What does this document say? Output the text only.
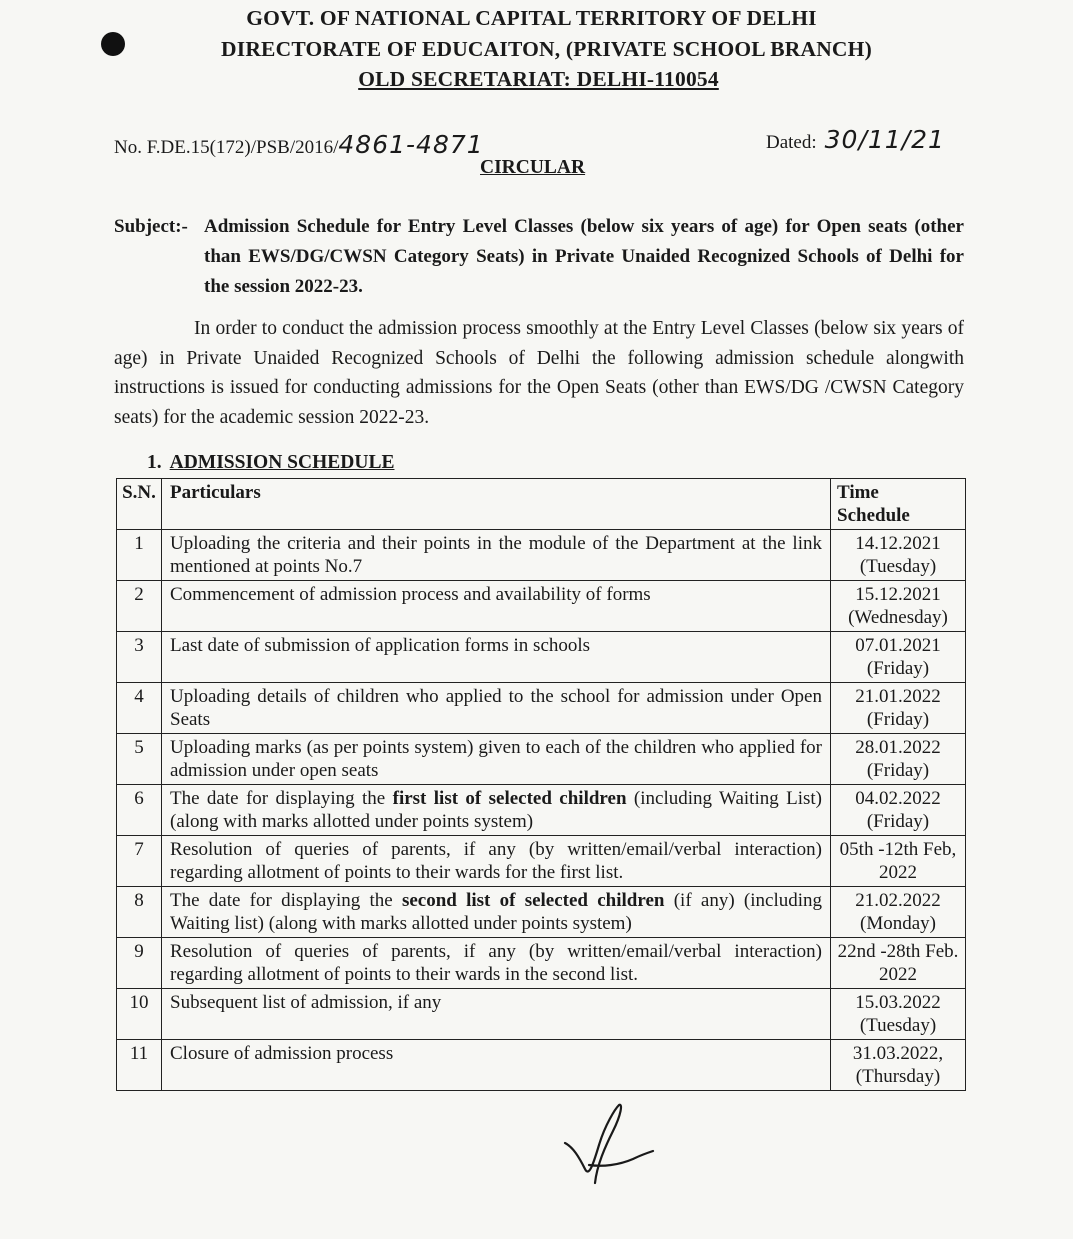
GOVT. OF NATIONAL CAPITAL TERRITORY OF DELHI
DIRECTORATE OF EDUCAITON, (PRIVATE SCHOOL BRANCH)
OLD SECRETARIAT: DELHI-110054
No. F.DE.15(172)/PSB/2016/4861-4871	Dated: 30/11/21
CIRCULAR
Subject:- Admission Schedule for Entry Level Classes (below six years of age) for Open seats (other than EWS/DG/CWSN Category Seats) in Private Unaided Recognized Schools of Delhi for the session 2022-23.
In order to conduct the admission process smoothly at the Entry Level Classes (below six years of age) in Private Unaided Recognized Schools of Delhi the following admission schedule alongwith instructions is issued for conducting admissions for the Open Seats (other than EWS/DG /CWSN Category seats) for the academic session 2022-23.
1. ADMISSION SCHEDULE
S.N.	Particulars	Time
Schedule
1	Uploading the criteria and their points in the module of the Department at the link mentioned at points No.7	14.12.2021
(Tuesday)

2	Commencement of admission process and availability of forms	15.12.2021
(Wednesday)

3	Last date of submission of application forms in schools	07.01.2021
(Friday)

4	Uploading details of children who applied to the school for admission under Open Seats	21.01.2022
(Friday)

5	Uploading marks (as per points system) given to each of the children who applied for admission under open seats	28.01.2022
(Friday)

6	The date for displaying the first list of selected children (including Waiting List) (along with marks allotted under points system)	04.02.2022
(Friday)

7	Resolution of queries of parents, if any (by written/email/verbal interaction) regarding allotment of points to their wards for the first list.	05th -12th Feb,
2022

8	The date for displaying the second list of selected children (if any) (including Waiting list) (along with marks allotted under points system)	21.02.2022
(Monday)

9	Resolution of queries of parents, if any (by written/email/verbal interaction) regarding allotment of points to their wards in the second list.	22nd -28th Feb.
2022

10	Subsequent list of admission, if any	15.03.2022
(Tuesday)

11	Closure of admission process	31.03.2022,
(Thursday)
